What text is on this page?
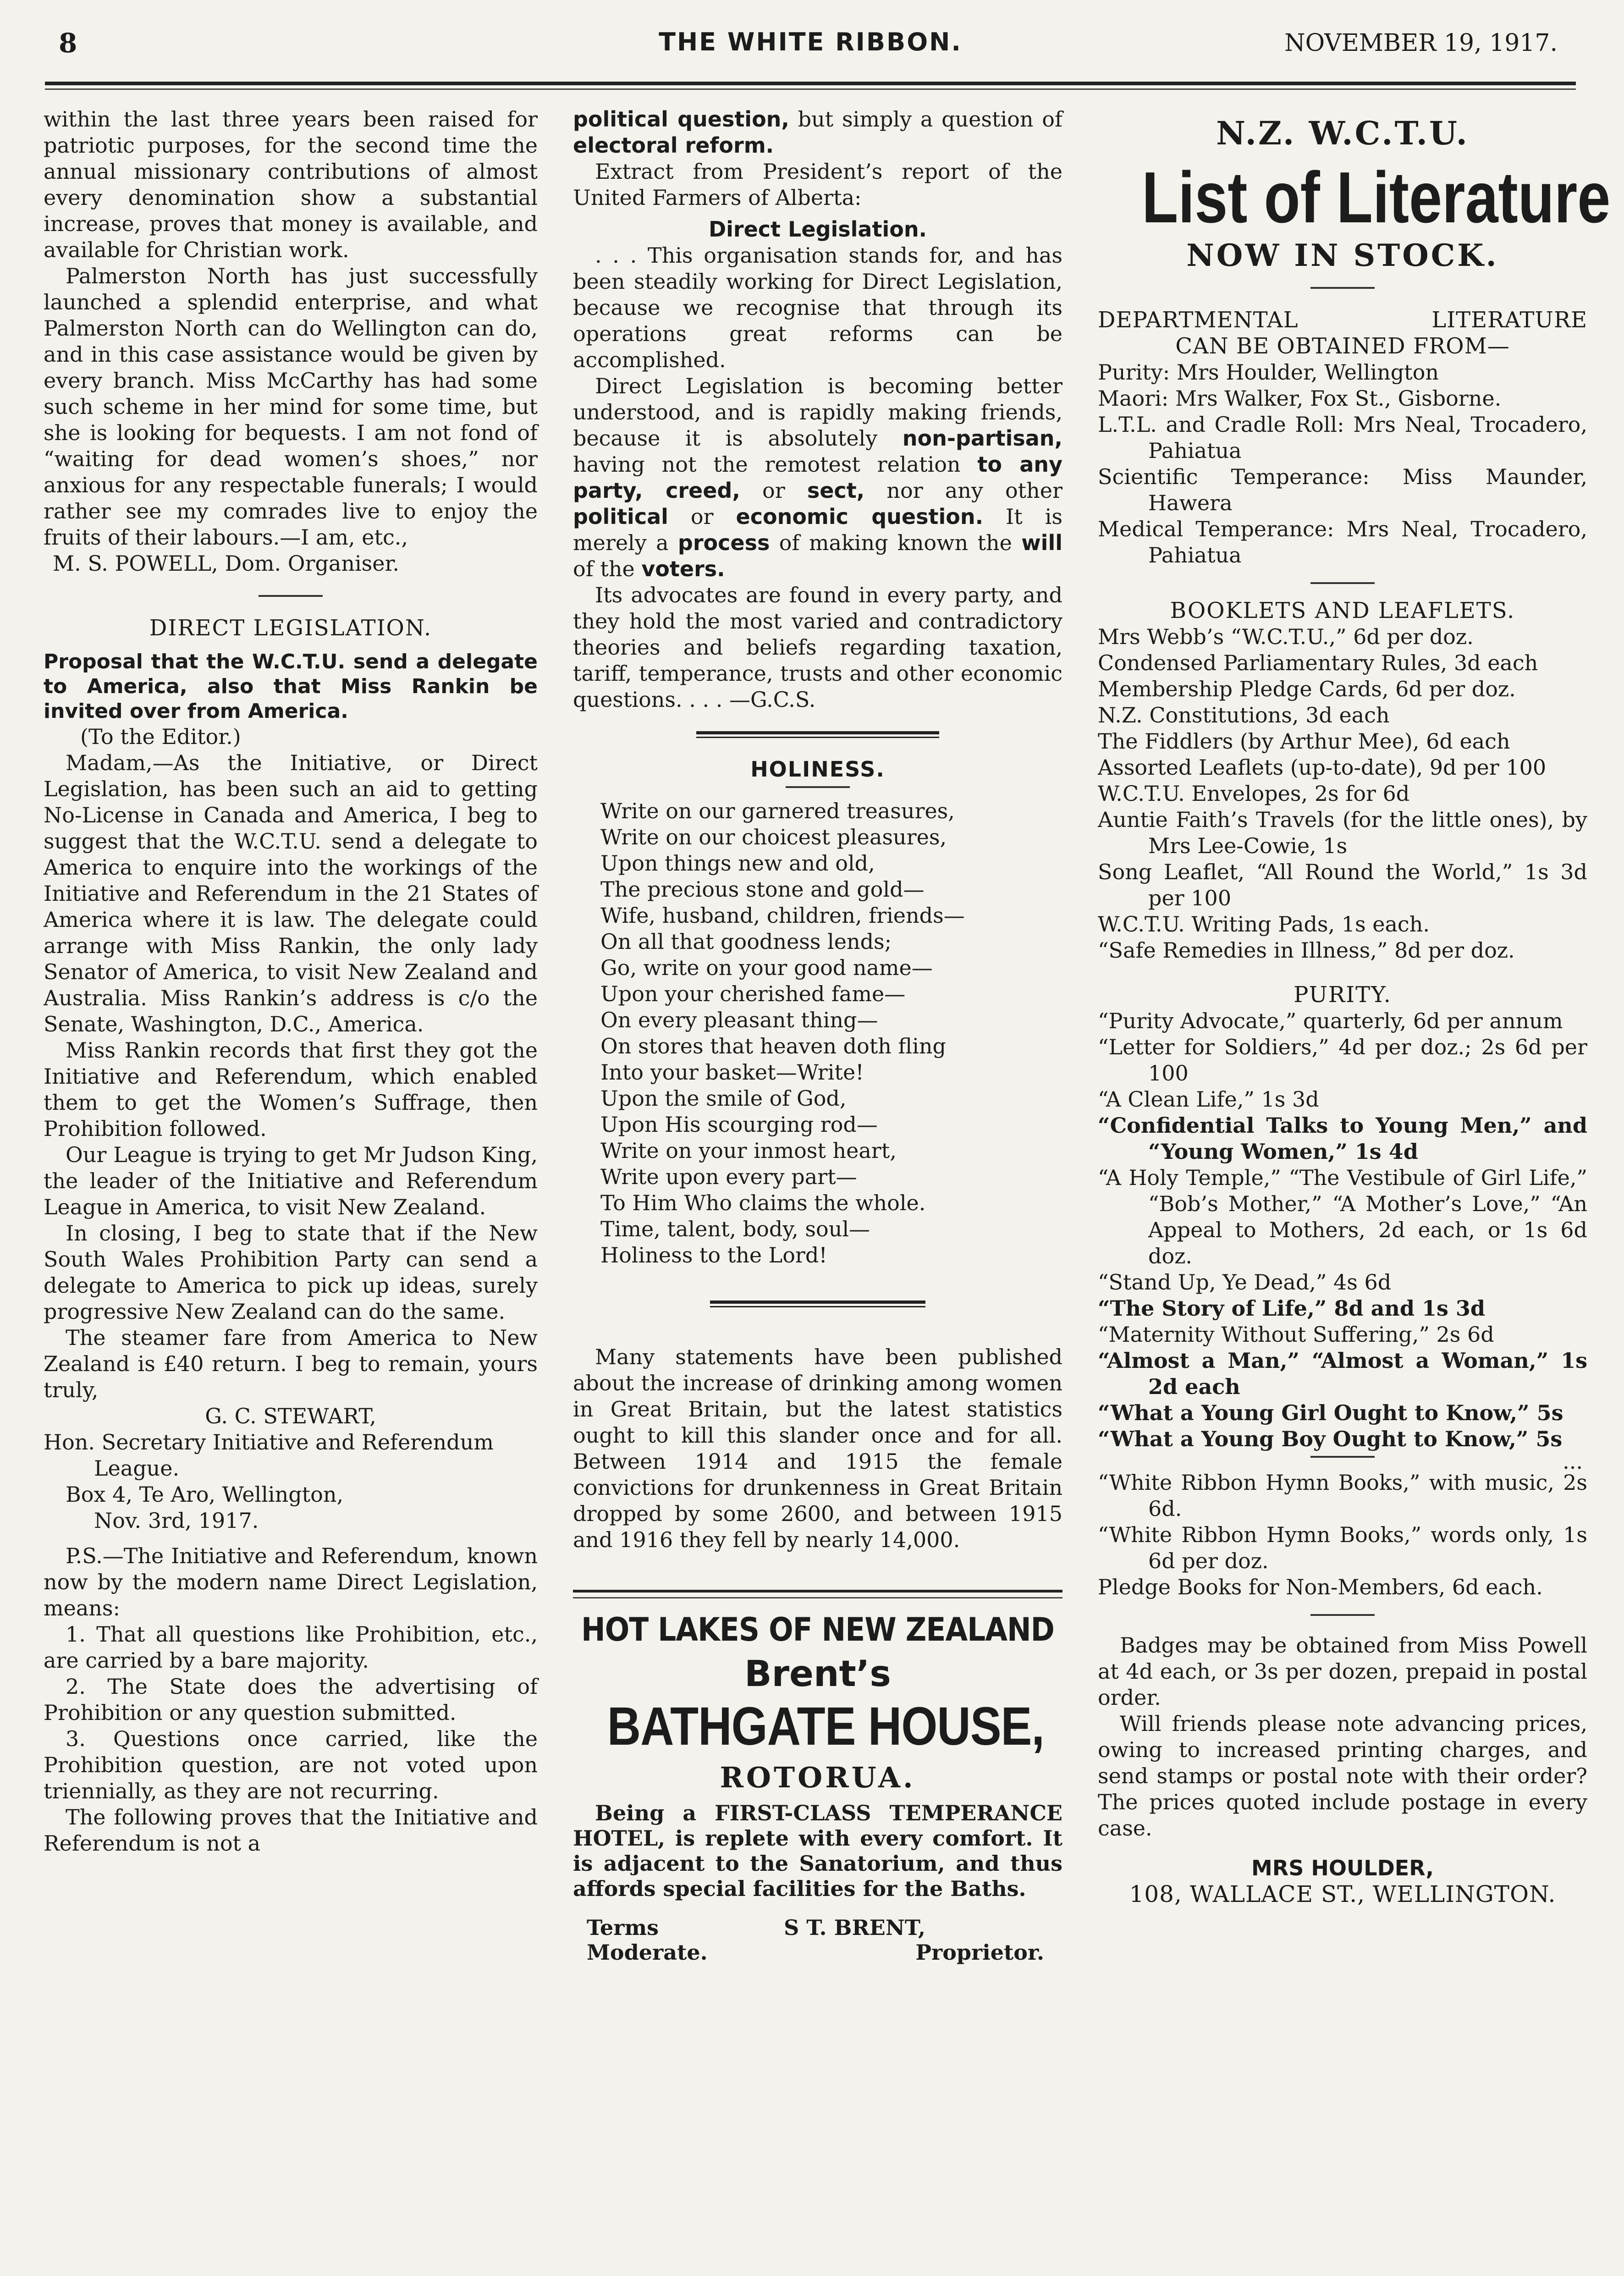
8	THE WHITE RIBBON.	NOVEMBER 19, 1917.

within the last three years been raised for patriotic purposes, for the second time the annual missionary contributions of almost every denomination show a substantial increase, proves that money is available, and available for Christian work.

Palmerston North has just successfully launched a splendid enterprise, and what Palmerston North can do Wellington can do, and in this case assistance would be given by every branch. Miss McCarthy has had some such scheme in her mind for some time, but she is looking for bequests. I am not fond of “waiting for dead women’s shoes,” nor anxious for any respectable funerals; I would rather see my comrades live to enjoy the fruits of their labours.—I am, etc.,

M. S. POWELL, Dom. Organiser.

DIRECT LEGISLATION.

Proposal that the W.C.T.U. send a delegate to America, also that Miss Rankin be invited over from America.

(To the Editor.)

Madam,—As the Initiative, or Direct Legislation, has been such an aid to getting No-License in Canada and America, I beg to suggest that the W.C.T.U. send a delegate to America to enquire into the workings of the Initiative and Referendum in the 21 States of America where it is law. The delegate could arrange with Miss Rankin, the only lady Senator of America, to visit New Zealand and Australia. Miss Rankin’s address is c/o the Senate, Washington, D.C., America.

Miss Rankin records that first they got the Initiative and Referendum, which enabled them to get the Women’s Suffrage, then Prohibition followed.

Our League is trying to get Mr Judson King, the leader of the Initiative and Referendum League in America, to visit New Zealand.

In closing, I beg to state that if the New South Wales Prohibition Party can send a delegate to America to pick up ideas, surely progressive New Zealand can do the same.

The steamer fare from America to New Zealand is £40 return. I beg to remain, yours truly,

G. C. STEWART,

Hon. Secretary Initiative and Referendum League.

Box 4, Te Aro, Wellington,

Nov. 3rd, 1917.

P.S.—The Initiative and Referendum, known now by the modern name Direct Legislation, means:

1. That all questions like Prohibition, etc., are carried by a bare majority.

2. The State does the advertising of Prohibition or any question submitted.

3. Questions once carried, like the Prohibition question, are not voted upon triennially, as they are not recurring.

The following proves that the Initiative and Referendum is not a

political question, but simply a question of electoral reform.

Extract from President’s report of the United Farmers of Alberta:

Direct Legislation.

. . . This organisation stands for, and has been steadily working for Direct Legislation, because we recognise that through its operations great reforms can be accomplished.

Direct Legislation is becoming better understood, and is rapidly making friends, because it is absolutely non-partisan, having not the remotest relation to any party, creed, or sect, nor any other political or economic question. It is merely a process of making known the will of the voters.

Its advocates are found in every party, and they hold the most varied and contradictory theories and beliefs regarding taxation, tariff, temperance, trusts and other economic questions. . . . —G.C.S.

HOLINESS.
Write on our garnered treasures,
Write on our choicest pleasures,
Upon things new and old,
The precious stone and gold—
Wife, husband, children, friends—
On all that goodness lends;
Go, write on your good name—
Upon your cherished fame—
On every pleasant thing—
On stores that heaven doth fling
Into your basket—Write!
Upon the smile of God,
Upon His scourging rod—
Write on your inmost heart,
Write upon every part—
To Him Who claims the whole.
Time, talent, body, soul—
Holiness to the Lord!

Many statements have been published about the increase of drinking among women in Great Britain, but the latest statistics ought to kill this slander once and for all. Between 1914 and 1915 the female convictions for drunkenness in Great Britain dropped by some 2600, and between 1915 and 1916 they fell by nearly 14,000.

HOT LAKES OF NEW ZEALAND
Brent’s
BATHGATE HOUSE,
ROTORUA.

Being a FIRST-CLASS TEMPERANCE HOTEL, is replete with every comfort. It is adjacent to the Sanatorium, and thus affords special facilities for the Baths.

Terms
Moderate.
S T. BRENT,
Proprietor.
N.Z. W.C.T.U.
List of Literature
NOW IN STOCK.
DEPARTMENTAL LITERATURE
CAN BE OBTAINED FROM—

Purity: Mrs Houlder, Wellington

Maori: Mrs Walker, Fox St., Gisborne.

L.T.L. and Cradle Roll: Mrs Neal, Trocadero, Pahiatua

Scientific Temperance: Miss Maunder, Hawera

Medical Temperance: Mrs Neal, Trocadero, Pahiatua

BOOKLETS AND LEAFLETS.

Mrs Webb’s “W.C.T.U.,” 6d per doz.

Condensed Parliamentary Rules, 3d each

Membership Pledge Cards, 6d per doz.

N.Z. Constitutions, 3d each

The Fiddlers (by Arthur Mee), 6d each

Assorted Leaflets (up-to-date), 9d per 100

W.C.T.U. Envelopes, 2s for 6d

Auntie Faith’s Travels (for the little ones), by Mrs Lee-Cowie, 1s

Song Leaflet, “All Round the World,” 1s 3d per 100

W.C.T.U. Writing Pads, 1s each.

“Safe Remedies in Illness,” 8d per doz.

PURITY.

“Purity Advocate,” quarterly, 6d per annum

“Letter for Soldiers,” 4d per doz.; 2s 6d per 100

“A Clean Life,” 1s 3d

“Confidential Talks to Young Men,” and “Young Women,” 1s 4d

“A Holy Temple,” “The Vestibule of Girl Life,” “Bob’s Mother,” “A Mother’s Love,” “An Appeal to Mothers, 2d each, or 1s 6d doz.

“Stand Up, Ye Dead,” 4s 6d

“The Story of Life,” 8d and 1s 3d

“Maternity Without Suffering,” 2s 6d

“Almost a Man,” “Almost a Woman,” 1s 2d each

“What a Young Girl Ought to Know,” 5s

“What a Young Boy Ought to Know,” 5s

...

“White Ribbon Hymn Books,” with music, 2s 6d.

“White Ribbon Hymn Books,” words only, 1s 6d per doz.

Pledge Books for Non-Members, 6d each.

Badges may be obtained from Miss Powell at 4d each, or 3s per dozen, prepaid in postal order.

Will friends please note advancing prices, owing to increased printing charges, and send stamps or postal note with their order? The prices quoted include postage in every case.

MRS HOULDER,
108, WALLACE ST., WELLINGTON.
